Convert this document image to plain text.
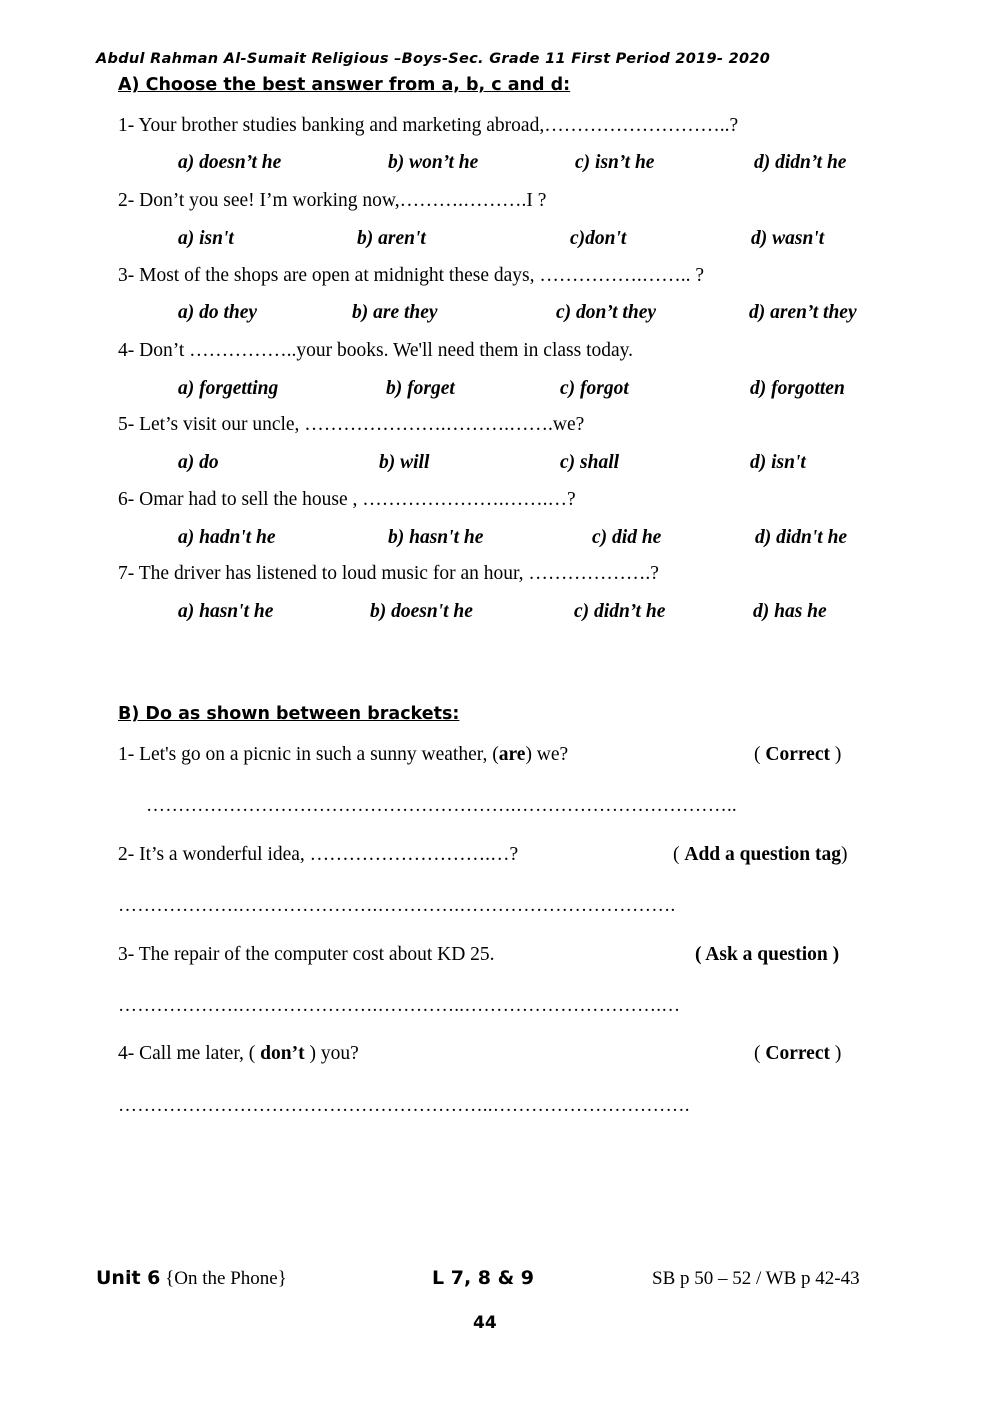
Abdul Rahman Al-Sumait Religious –Boys-Sec. Grade 11 First Period 2019- 2020
A) Choose the best answer from a, b, c and d:
1- Your brother studies banking and marketing abroad,………………………..?
a) doesn’t he	b) won’t he	c) isn’t he	d) didn’t he
2- Don’t you see! I’m working now,……….……….I ?
a) isn't	b) aren't	c)don't	d) wasn't
3- Most of the shops are open at midnight these days, …………….…….. ?
a) do they	b) are they	c) don’t they	d) aren’t they
4- Don’t ……………..your books. We'll need them in class today.
a) forgetting	b) forget	c) forgot	d) forgotten
5- Let’s visit our uncle, ………………….……….…….we?
a) do	b) will	c) shall	d) isn't
6- Omar had to sell the house , ………………….…….…?
a) hadn't he	b) hasn't he	c) did he	d) didn't he
7- The driver has listened to loud music for an hour, ……………….?
a) hasn't he	b) doesn't he	c) didn’t he	d) has he
B) Do as shown between brackets:
1- Let's go on a picnic in such a sunny weather, (are) we?	( Correct )
………………………………………………….……………………………..
2- It’s a wonderful idea, ……………………….…?	( Add a question tag)
……………….………………….………….…………………………….
3- The repair of the computer cost about KD 25.	( Ask a question )
……………….………………….…………..………………………….…
4- Call me later, ( don’t ) you?	( Correct )
…………………………………………………..………………………….
Unit 6 {On the Phone}	L 7, 8 & 9	SB p 50 – 52 / WB p 42-43
44
